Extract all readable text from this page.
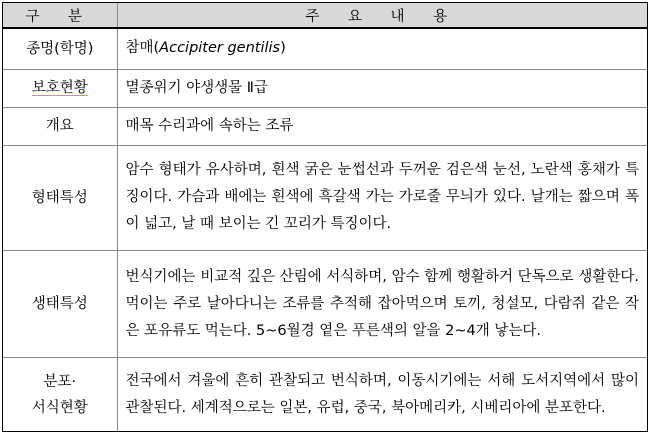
구 분	주 요 내 용
종명(학명)	참매(Accipiter gentilis)
보호현황	멸종위기 야생생물 Ⅱ급
개요	매목 수리과에 속하는 조류
형태특성	암수 형태가 유사하며, 흰색 굵은 눈썹선과 두꺼운 검은색 눈선, 노란색 홍채가 특징이다. 가슴과 배에는 흰색에 흑갈색 가는 가로줄 무늬가 있다. 날개는 짧으며 폭이 넓고, 날 때 보이는 긴 꼬리가 특징이다.
생태특성	번식기에는 비교적 깊은 산림에 서식하며, 암수 함께 행활하거 단독으로 생활한다. 먹이는 주로 날아다니는 조류를 추적해 잡아먹으며 토끼, 청설모, 다람쥐 같은 작은 포유류도 먹는다. 5~6월경 옅은 푸른색의 알을 2~4개 낳는다.

분포·
서식현황	전국에서 겨울에 흔히 관찰되고 번식하며, 이동시기에는 서해 도서지역에서 많이 관찰된다. 세계적으로는 일본, 유럽, 중국, 북아메리카, 시베리아에 분포한다.
